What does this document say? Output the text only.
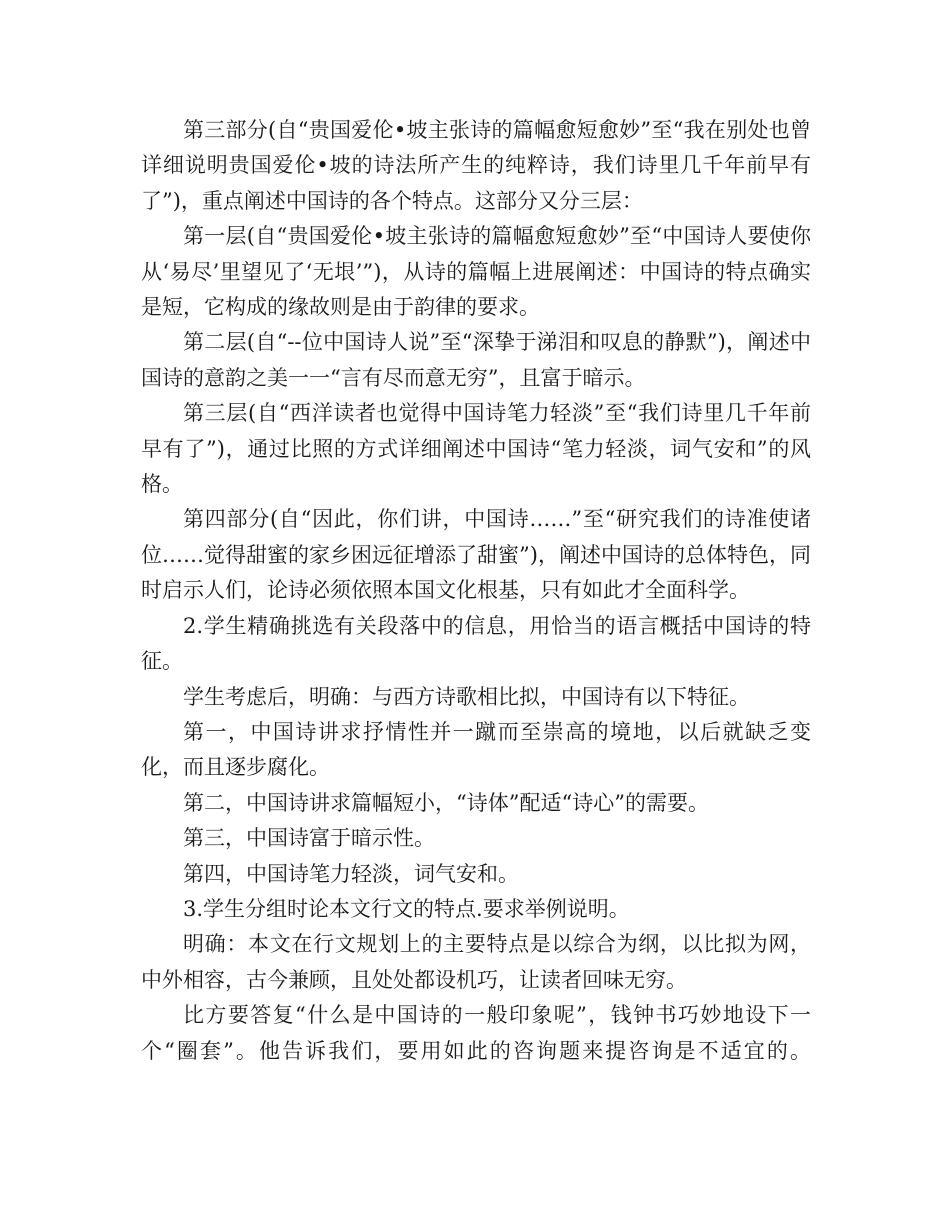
第三部分(自“贵国爱伦•坡主张诗的篇幅愈短愈妙”至“我在别处也曾详细说明贵国爱伦•坡的诗法所产生的纯粹诗，我们诗里几千年前早有了”)，重点阐述中国诗的各个特点。这部分又分三层：

第一层(自“贵国爱伦•坡主张诗的篇幅愈短愈妙”至“中国诗人要使你从‘易尽’里望见了‘无垠’”)，从诗的篇幅上进展阐述：中国诗的特点确实是短，它构成的缘故则是由于韵律的要求。

第二层(自“--位中国诗人说”至“深挚于涕泪和叹息的静默”)，阐述中国诗的意韵之美一一“言有尽而意无穷”，且富于暗示。

第三层(自“西洋读者也觉得中国诗笔力轻淡”至“我们诗里几千年前早有了”)，通过比照的方式详细阐述中国诗“笔力轻淡，词气安和”的风格。

第四部分(自“因此，你们讲，中国诗……”至“研究我们的诗准使诸位……觉得甜蜜的家乡困远征增添了甜蜜”)，阐述中国诗的总体特色，同时启示人们，论诗必须依照本国文化根基，只有如此才全面科学。

2.学生精确挑选有关段落中的信息，用恰当的语言概括中国诗的特征。

学生考虑后，明确：与西方诗歌相比拟，中国诗有以下特征。

第一，中国诗讲求抒情性并一蹴而至崇高的境地，以后就缺乏变化，而且逐步腐化。

第二，中国诗讲求篇幅短小，“诗体”配适“诗心”的需要。

第三，中国诗富于暗示性。

第四，中国诗笔力轻淡，词气安和。

3.学生分组时论本文行文的特点.要求举例说明。

明确：本文在行文规划上的主要特点是以综合为纲，以比拟为网，中外相容，古今兼顾，且处处都设机巧，让读者回味无穷。

比方要答复“什么是中国诗的一般印象呢”，钱钟书巧妙地设下一个“圈套”。他告诉我们，要用如此的咨询题来提咨询是不适宜的。
